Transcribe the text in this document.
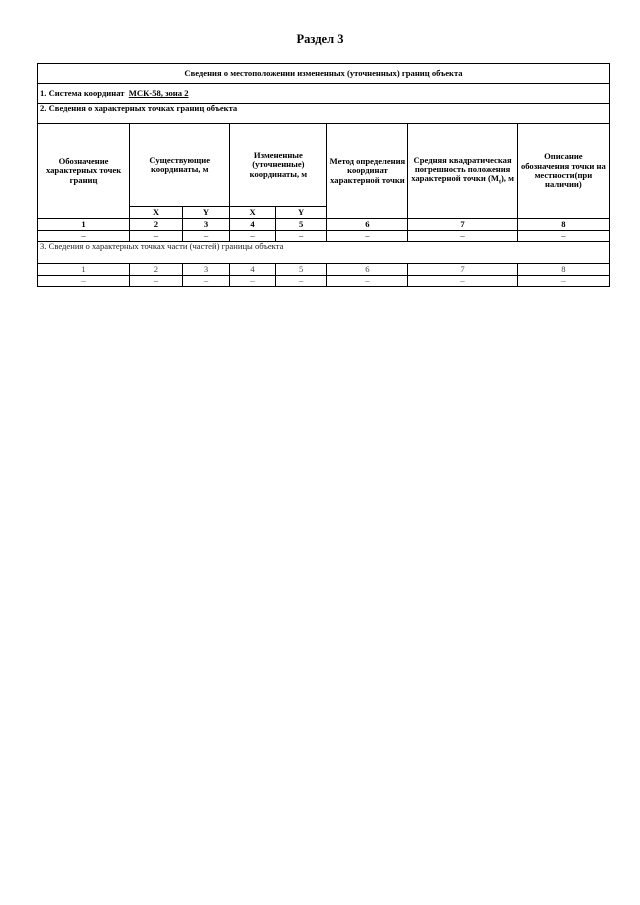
Раздел 3
Сведения о местоположении измененных (уточненных) границ объекта							
1. Система координат МСК-58, зона 2							
2. Сведения о характерных точках границ объекта							
Обозначение характерных точек границ	Существующие координаты, м		Измененные (уточненные) координаты, м		Метод определения координат характерной точки	Средняя квадратическая погрешность положения характерной точки $(M_t)$, м	Описание обозначения точки на местности(при наличии)
	X	Y	X	Y			
1	2	3	4	5	6	7	8
–	–	–	–	–	–	–	–
3. Сведения о характерных точках части (частей) границы объекта							
1	2	3	4	5	6	7	8
–	–	–	–	–	–	–	–
